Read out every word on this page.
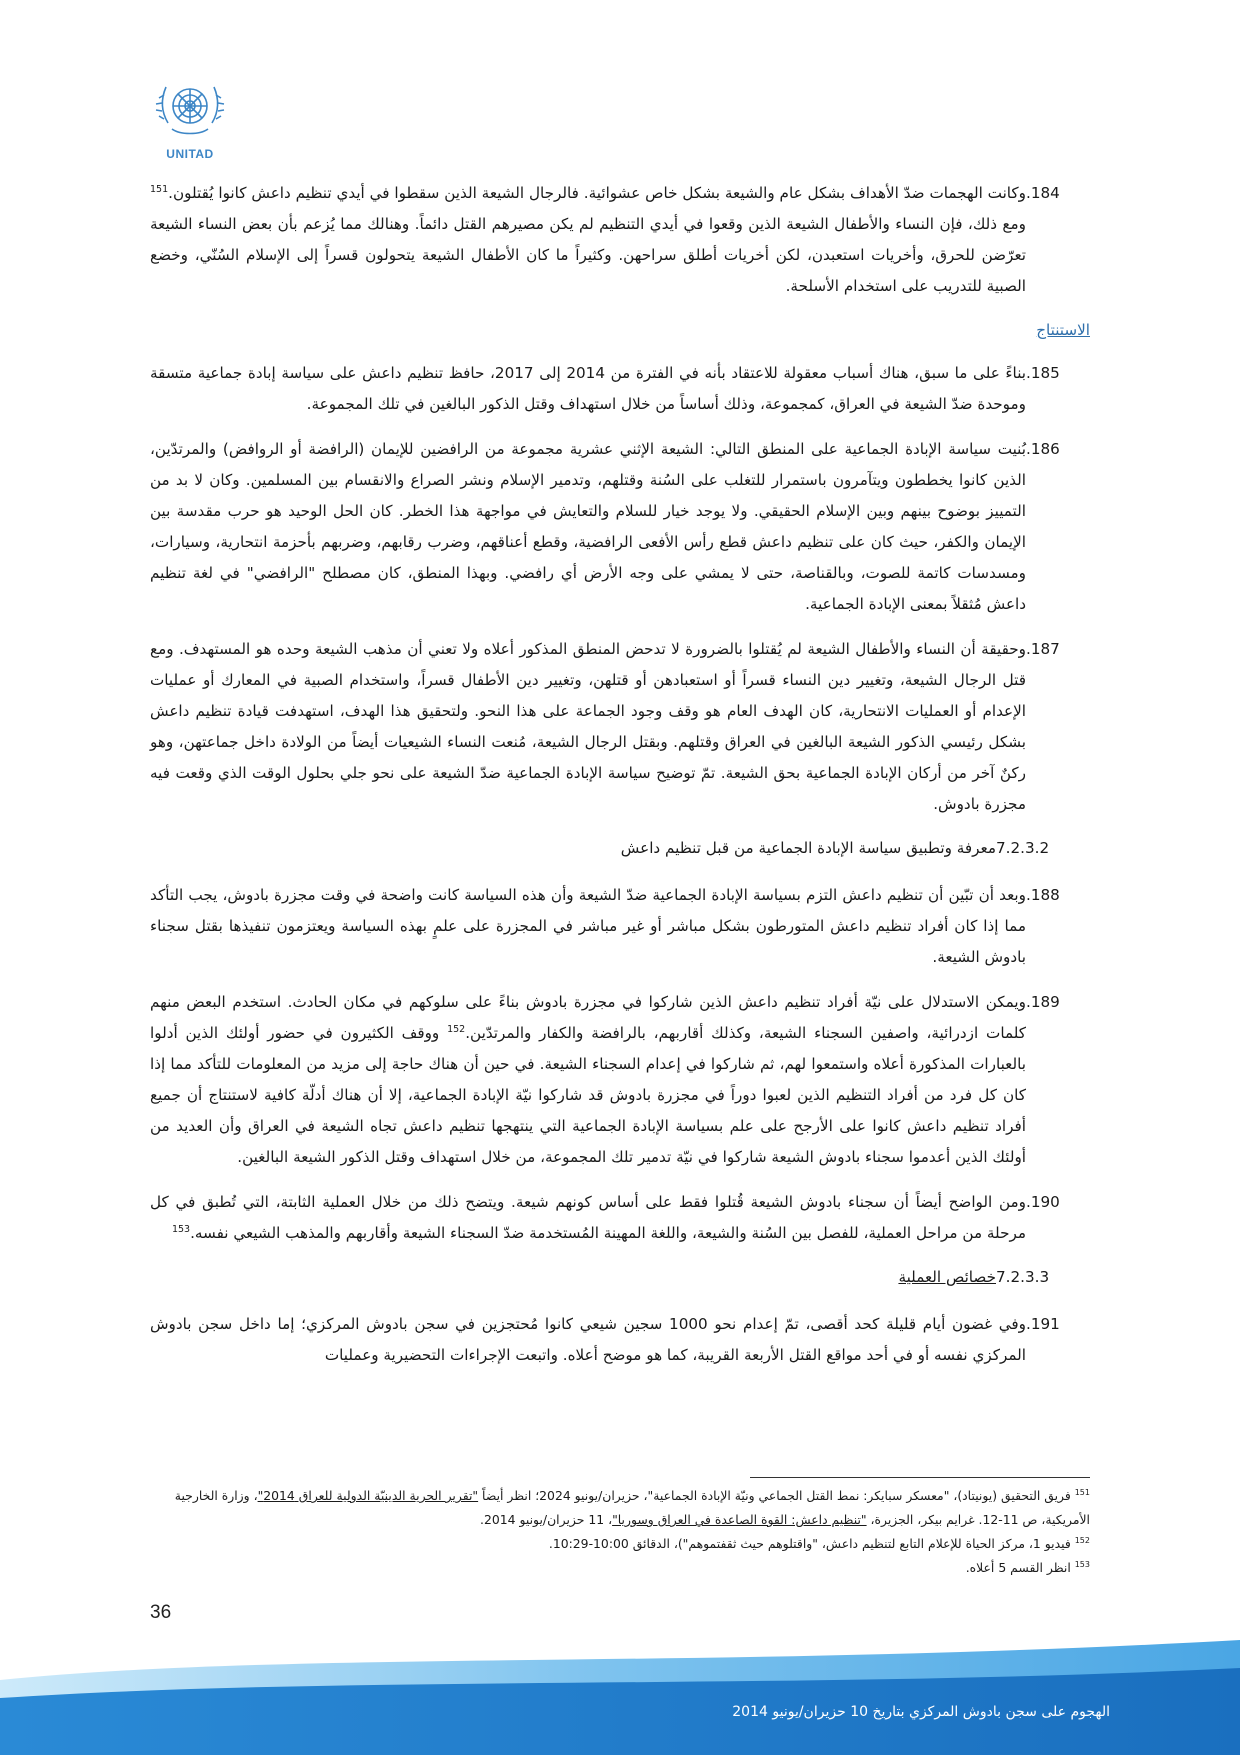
UNITAD
.184
وكانت الهجمات ضدّ الأهداف بشكل عام والشيعة بشكل خاص عشوائية. فالرجال الشيعة الذين سقطوا في أيدي تنظيم داعش كانوا يُقتلون.$^{151}$ ومع ذلك، فإن النساء والأطفال الشيعة الذين وقعوا في أيدي التنظيم لم يكن مصيرهم القتل دائماً. وهنالك مما يُزعم بأن بعض النساء الشيعة تعرّضن للحرق، وأخريات استعبدن، لكن أخريات أطلق سراحهن. وكثيراً ما كان الأطفال الشيعة يتحولون قسراً إلى الإسلام السُنّي، وخضع الصبية للتدريب على استخدام الأسلحة.
الاستنتاج
.185
بناءً على ما سبق، هناك أسباب معقولة للاعتقاد بأنه في الفترة من 2014 إلى 2017، حافظ تنظيم داعش على سياسة إبادة جماعية متسقة وموحدة ضدّ الشيعة في العراق، كمجموعة، وذلك أساساً من خلال استهداف وقتل الذكور البالغين في تلك المجموعة.
.186
بُنيت سياسة الإبادة الجماعية على المنطق التالي: الشيعة الإثني عشرية مجموعة من الرافضين للإيمان (الرافضة أو الروافض) والمرتدّين، الذين كانوا يخططون ويتآمرون باستمرار للتغلب على السُنة وقتلهم، وتدمير الإسلام ونشر الصراع والانقسام بين المسلمين. وكان لا بد من التمييز بوضوح بينهم وبين الإسلام الحقيقي. ولا يوجد خيار للسلام والتعايش في مواجهة هذا الخطر. كان الحل الوحيد هو حرب مقدسة بين الإيمان والكفر، حيث كان على تنظيم داعش قطع رأس الأفعى الرافضية، وقطع أعناقهم، وضرب رقابهم، وضربهم بأحزمة انتحارية، وسيارات، ومسدسات كاتمة للصوت، وبالقناصة، حتى لا يمشي على وجه الأرض أي رافضي. وبهذا المنطق، كان مصطلح "الرافضي" في لغة تنظيم داعش مُثقلاً بمعنى الإبادة الجماعية.
.187
وحقيقة أن النساء والأطفال الشيعة لم يُقتلوا بالضرورة لا تدحض المنطق المذكور أعلاه ولا تعني أن مذهب الشيعة وحده هو المستهدف. ومع قتل الرجال الشيعة، وتغيير دين النساء قسراً أو استعبادهن أو قتلهن، وتغيير دين الأطفال قسراً، واستخدام الصبية في المعارك أو عمليات الإعدام أو العمليات الانتحارية، كان الهدف العام هو وقف وجود الجماعة على هذا النحو. ولتحقيق هذا الهدف، استهدفت قيادة تنظيم داعش بشكل رئيسي الذكور الشيعة البالغين في العراق وقتلهم. وبقتل الرجال الشيعة، مُنعت النساء الشيعيات أيضاً من الولادة داخل جماعتهن، وهو ركنٌ آخر من أركان الإبادة الجماعية بحق الشيعة. تمّ توضيح سياسة الإبادة الجماعية ضدّ الشيعة على نحو جلي بحلول الوقت الذي وقعت فيه مجزرة بادوش.
7.2.3.2
معرفة وتطبيق سياسة الإبادة الجماعية من قبل تنظيم داعش
.188
وبعد أن تبّين أن تنظيم داعش التزم بسياسة الإبادة الجماعية ضدّ الشيعة وأن هذه السياسة كانت واضحة في وقت مجزرة بادوش، يجب التأكد مما إذا كان أفراد تنظيم داعش المتورطون بشكل مباشر أو غير مباشر في المجزرة على علمٍ بهذه السياسة ويعتزمون تنفيذها بقتل سجناء بادوش الشيعة.
.189
ويمكن الاستدلال على نيّة أفراد تنظيم داعش الذين شاركوا في مجزرة بادوش بناءً على سلوكهم في مكان الحادث. استخدم البعض منهم كلمات ازدرائية، واصفين السجناء الشيعة، وكذلك أقاربهم، بالرافضة والكفار والمرتدّين.$^{152}$ ووقف الكثيرون في حضور أولئك الذين أدلوا بالعبارات المذكورة أعلاه واستمعوا لهم، ثم شاركوا في إعدام السجناء الشيعة. في حين أن هناك حاجة إلى مزيد من المعلومات للتأكد مما إذا كان كل فرد من أفراد التنظيم الذين لعبوا دوراً في مجزرة بادوش قد شاركوا نيّة الإبادة الجماعية، إلا أن هناك أدلّة كافية لاستنتاج أن جميع أفراد تنظيم داعش كانوا على الأرجح على علم بسياسة الإبادة الجماعية التي ينتهجها تنظيم داعش تجاه الشيعة في العراق وأن العديد من أولئك الذين أعدموا سجناء بادوش الشيعة شاركوا في نيّة تدمير تلك المجموعة، من خلال استهداف وقتل الذكور الشيعة البالغين.
.190
ومن الواضح أيضاً أن سجناء بادوش الشيعة قُتلوا فقط على أساس كونهم شيعة. ويتضح ذلك من خلال العملية الثابتة، التي تُطبق في كل مرحلة من مراحل العملية، للفصل بين السُنة والشيعة، واللغة المهينة المُستخدمة ضدّ السجناء الشيعة وأقاربهم والمذهب الشيعي نفسه.$^{153}$
7.2.3.3
خصائص العملية
.191
وفي غضون أيام قليلة كحد أقصى، تمّ إعدام نحو 1000 سجين شيعي كانوا مُحتجزين في سجن بادوش المركزي؛ إما داخل سجن بادوش المركزي نفسه أو في أحد مواقع القتل الأربعة القريبة، كما هو موضح أعلاه. واتبعت الإجراءات التحضيرية وعمليات
$^{151}$ فريق التحقيق (يونيتاد)، "معسكر سبايكر: نمط القتل الجماعي ونيّة الإبادة الجماعية"، حزيران/يونيو 2024؛ انظر أيضاً "تقرير الحرية الدينيّة الدولية للعراق 2014"، وزارة الخارجية الأمريكية، ص 11-12. غرايم بيكر، الجزيرة، "تنظيم داعش: القوة الصاعدة في العراق وسوريا"، 11 حزيران/يونيو 2014.
$^{152}$ فيديو 1، مركز الحياة للإعلام التابع لتنظيم داعش، "واقتلوهم حيث ثقفتموهم")، الدقائق 10:00-10:29.
$^{153}$ انظر القسم 5 أعلاه.
36
الهجوم على سجن بادوش المركزي بتاريخ 10 حزيران/يونيو 2014
